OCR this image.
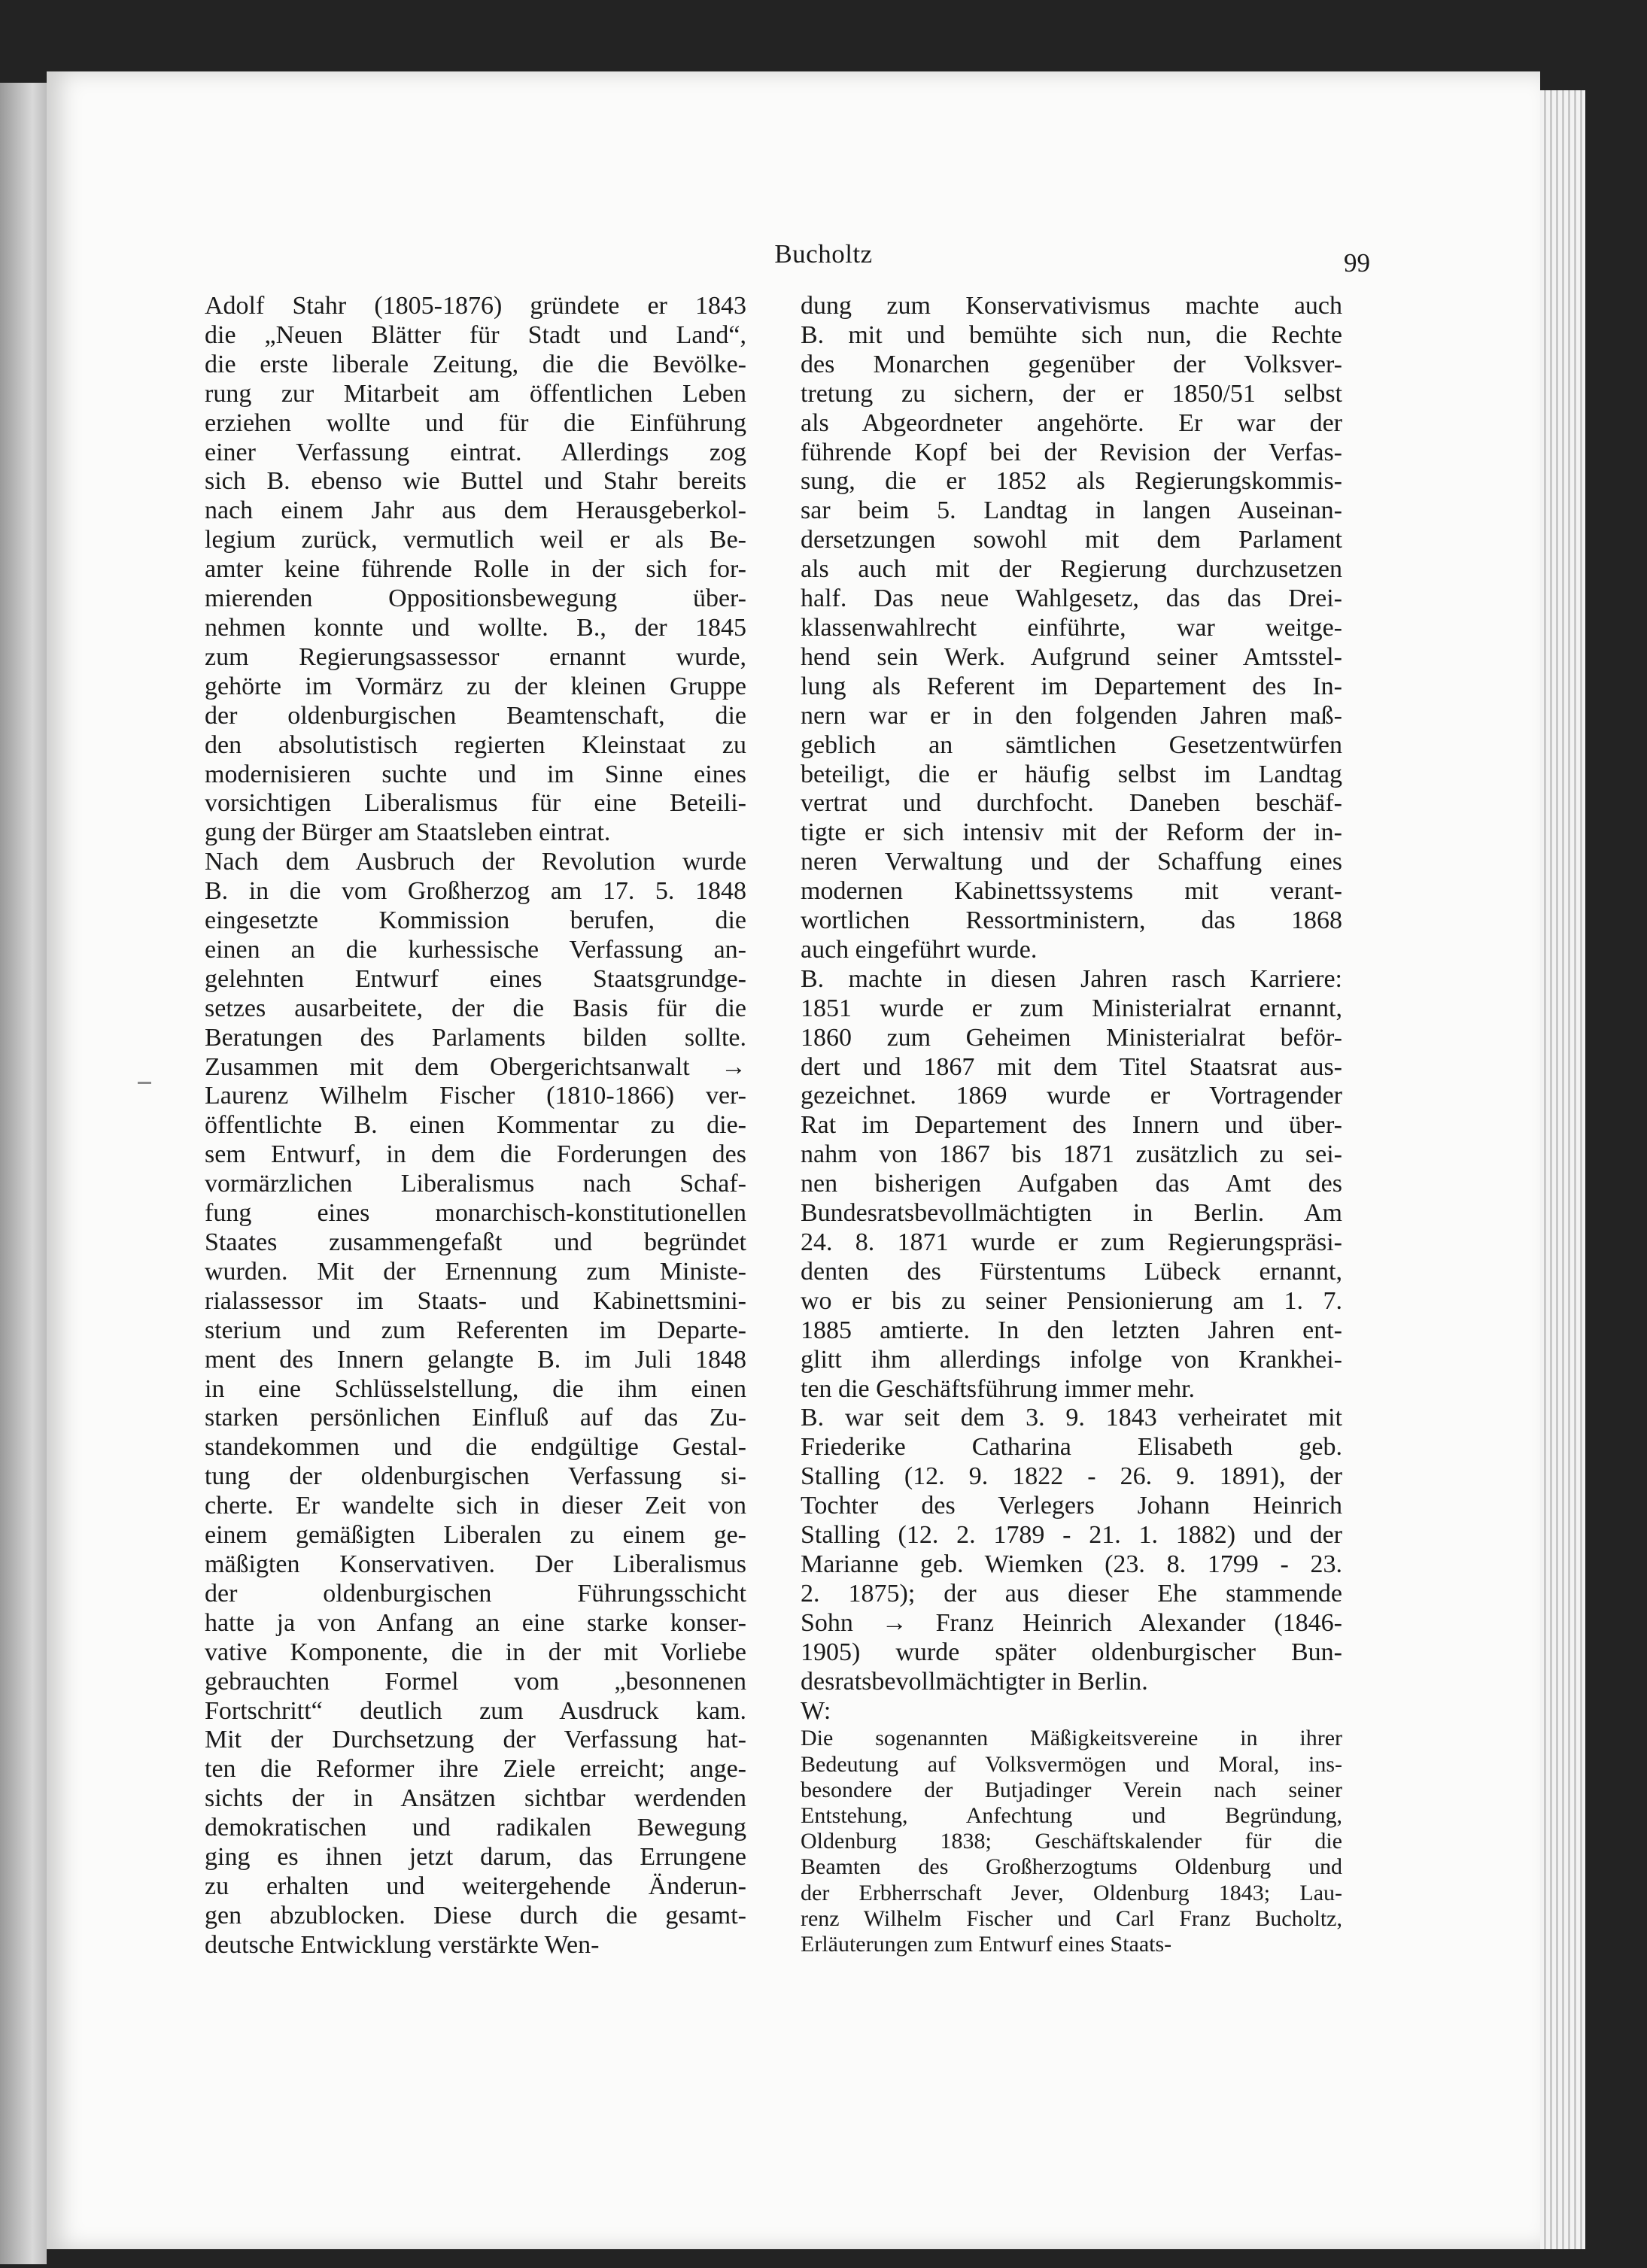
Bucholtz	99

Adolf Stahr (1805-1876) gründete er 1843
die „Neuen Blätter für Stadt und Land“,
die erste liberale Zeitung, die die Bevölke-
rung zur Mitarbeit am öffentlichen Leben
erziehen wollte und für die Einführung
einer Verfassung eintrat. Allerdings zog
sich B. ebenso wie Buttel und Stahr bereits
nach einem Jahr aus dem Herausgeberkol-
legium zurück, vermutlich weil er als Be-
amter keine führende Rolle in der sich for-
mierenden Oppositionsbewegung über-
nehmen konnte und wollte. B., der 1845
zum Regierungsassessor ernannt wurde,
gehörte im Vormärz zu der kleinen Gruppe
der oldenburgischen Beamtenschaft, die
den absolutistisch regierten Kleinstaat zu
modernisieren suchte und im Sinne eines
vorsichtigen Liberalismus für eine Beteili-
gung der Bürger am Staatsleben eintrat.

Nach dem Ausbruch der Revolution wurde
B. in die vom Großherzog am 17. 5. 1848
eingesetzte Kommission berufen, die
einen an die kurhessische Verfassung an-
gelehnten Entwurf eines Staatsgrundge-
setzes ausarbeitete, der die Basis für die
Beratungen des Parlaments bilden sollte.
Zusammen mit dem Obergerichtsanwalt →
Laurenz Wilhelm Fischer (1810-1866) ver-
öffentlichte B. einen Kommentar zu die-
sem Entwurf, in dem die Forderungen des
vormärzlichen Liberalismus nach Schaf-
fung eines monarchisch-konstitutionellen
Staates zusammengefaßt und begründet
wurden. Mit der Ernennung zum Ministe-
rialassessor im Staats- und Kabinettsmini-
sterium und zum Referenten im Departe-
ment des Innern gelangte B. im Juli 1848
in eine Schlüsselstellung, die ihm einen
starken persönlichen Einfluß auf das Zu-
standekommen und die endgültige Gestal-
tung der oldenburgischen Verfassung si-
cherte. Er wandelte sich in dieser Zeit von
einem gemäßigten Liberalen zu einem ge-
mäßigten Konservativen. Der Liberalismus
der oldenburgischen Führungsschicht
hatte ja von Anfang an eine starke konser-
vative Komponente, die in der mit Vorliebe
gebrauchten Formel vom „besonnenen
Fortschritt“ deutlich zum Ausdruck kam.
Mit der Durchsetzung der Verfassung hat-
ten die Reformer ihre Ziele erreicht; ange-
sichts der in Ansätzen sichtbar werdenden
demokratischen und radikalen Bewegung
ging es ihnen jetzt darum, das Errungene
zu erhalten und weitergehende Änderun-
gen abzublocken. Diese durch die gesamt-
deutsche Entwicklung verstärkte Wen-

dung zum Konservativismus machte auch
B. mit und bemühte sich nun, die Rechte
des Monarchen gegenüber der Volksver-
tretung zu sichern, der er 1850/51 selbst
als Abgeordneter angehörte. Er war der
führende Kopf bei der Revision der Verfas-
sung, die er 1852 als Regierungskommis-
sar beim 5. Landtag in langen Auseinan-
dersetzungen sowohl mit dem Parlament
als auch mit der Regierung durchzusetzen
half. Das neue Wahlgesetz, das das Drei-
klassenwahlrecht einführte, war weitge-
hend sein Werk. Aufgrund seiner Amtsstel-
lung als Referent im Departement des In-
nern war er in den folgenden Jahren maß-
geblich an sämtlichen Gesetzentwürfen
beteiligt, die er häufig selbst im Landtag
vertrat und durchfocht. Daneben beschäf-
tigte er sich intensiv mit der Reform der in-
neren Verwaltung und der Schaffung eines
modernen Kabinettssystems mit verant-
wortlichen Ressortministern, das 1868
auch eingeführt wurde.

B. machte in diesen Jahren rasch Karriere:
1851 wurde er zum Ministerialrat ernannt,
1860 zum Geheimen Ministerialrat beför-
dert und 1867 mit dem Titel Staatsrat aus-
gezeichnet. 1869 wurde er Vortragender
Rat im Departement des Innern und über-
nahm von 1867 bis 1871 zusätzlich zu sei-
nen bisherigen Aufgaben das Amt des
Bundesratsbevollmächtigten in Berlin. Am
24. 8. 1871 wurde er zum Regierungspräsi-
denten des Fürstentums Lübeck ernannt,
wo er bis zu seiner Pensionierung am 1. 7.
1885 amtierte. In den letzten Jahren ent-
glitt ihm allerdings infolge von Krankhei-
ten die Geschäftsführung immer mehr.

B. war seit dem 3. 9. 1843 verheiratet mit
Friederike Catharina Elisabeth geb.
Stalling (12. 9. 1822 - 26. 9. 1891), der
Tochter des Verlegers Johann Heinrich
Stalling (12. 2. 1789 - 21. 1. 1882) und der
Marianne geb. Wiemken (23. 8. 1799 - 23.
2. 1875); der aus dieser Ehe stammende
Sohn → Franz Heinrich Alexander (1846-
1905) wurde später oldenburgischer Bun-
desratsbevollmächtigter in Berlin.

W:

Die sogenannten Mäßigkeitsvereine in ihrer
Bedeutung auf Volksvermögen und Moral, ins-
besondere der Butjadinger Verein nach seiner
Entstehung, Anfechtung und Begründung,
Oldenburg 1838; Geschäftskalender für die
Beamten des Großherzogtums Oldenburg und
der Erbherrschaft Jever, Oldenburg 1843; Lau-
renz Wilhelm Fischer und Carl Franz Bucholtz,
Erläuterungen zum Entwurf eines Staats-
